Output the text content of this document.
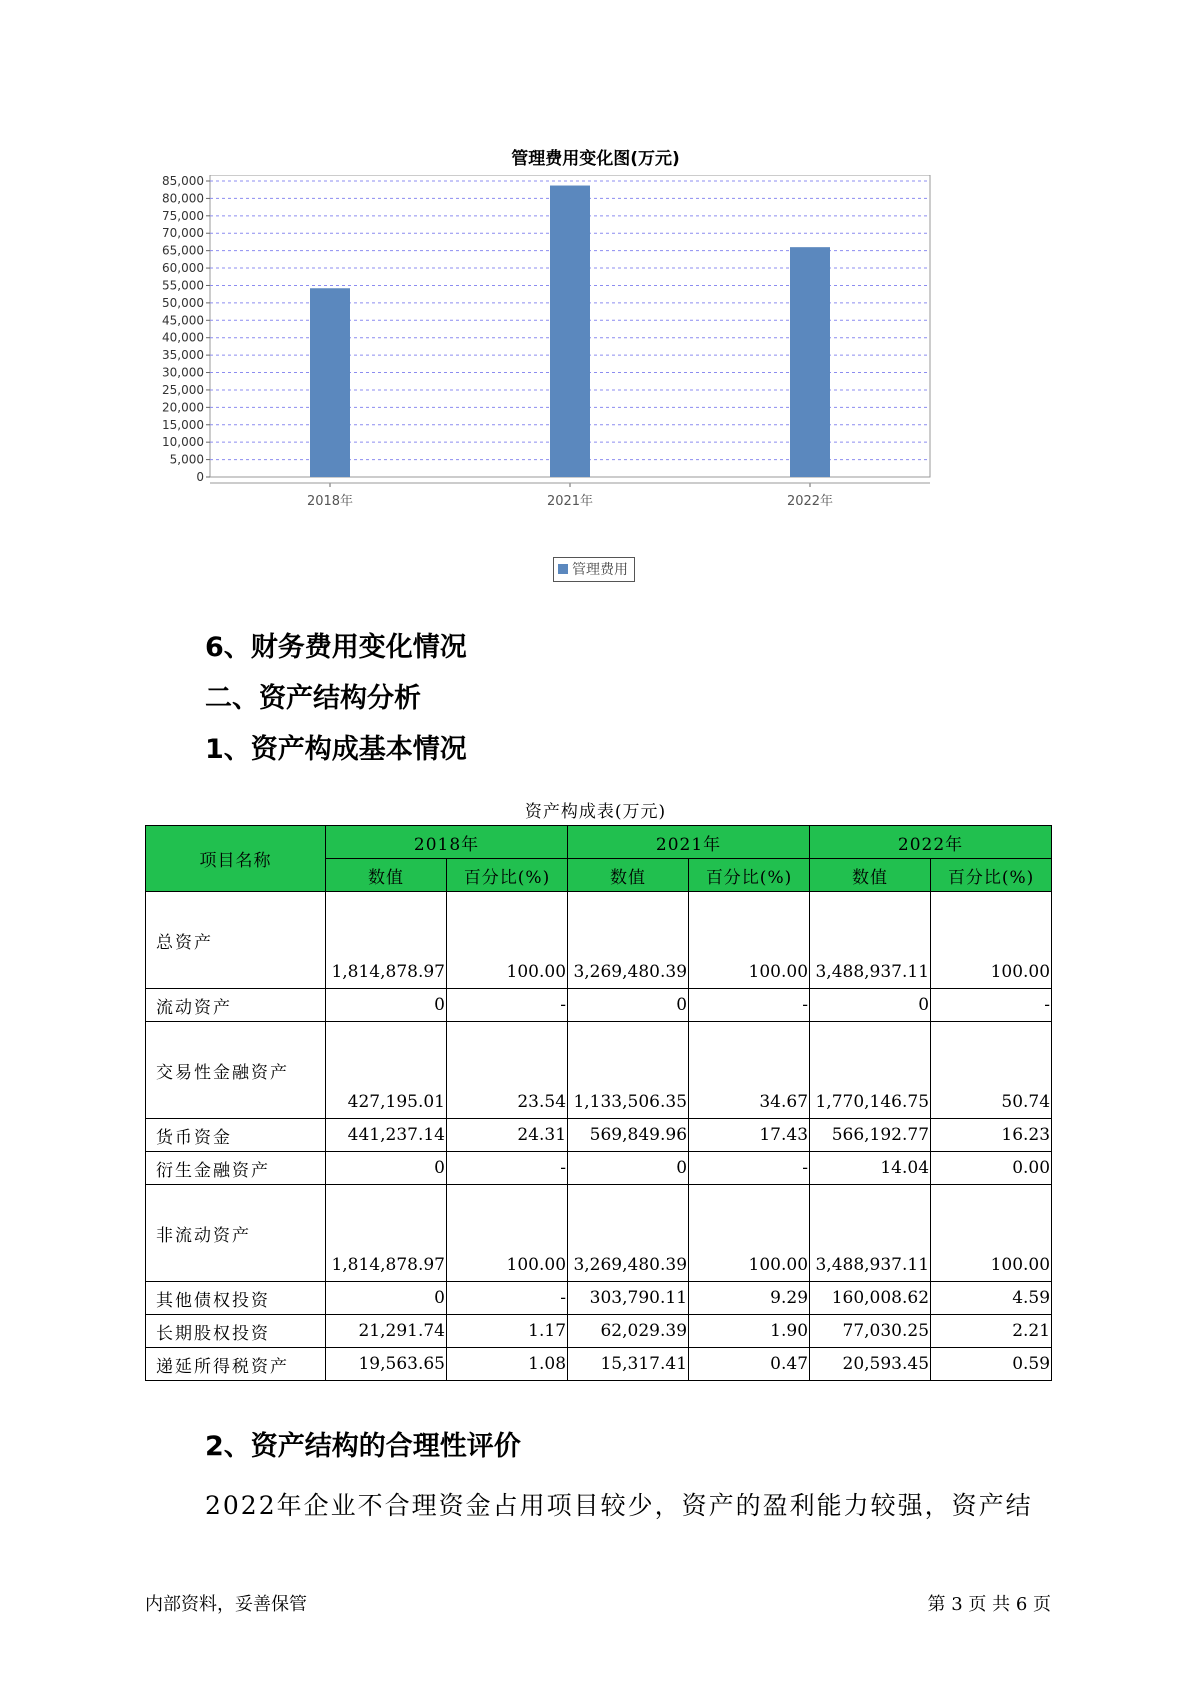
管理费用变化图(万元)
0
5,000
10,000
15,000
20,000
25,000
30,000
35,000
40,000
45,000
50,000
55,000
60,000
65,000
70,000
75,000
80,000
85,000
2018年	2021年	2022年
管理费用
6、财务费用变化情况
二、资产结构分析
1、资产构成基本情况
资产构成表(万元)
项目名称	2018年		2021年		2022年	
	数值	百分比(%)	数值	百分比(%)	数值	百分比(%)
总资产	1,814,878.97	100.00	3,269,480.39	100.00	3,488,937.11	100.00
流动资产	0	-	0	-	0	-
交易性金融资产	427,195.01	23.54	1,133,506.35	34.67	1,770,146.75	50.74
货币资金	441,237.14	24.31	569,849.96	17.43	566,192.77	16.23
衍生金融资产	0	-	0	-	14.04	0.00
非流动资产	1,814,878.97	100.00	3,269,480.39	100.00	3,488,937.11	100.00
其他债权投资	0	-	303,790.11	9.29	160,008.62	4.59
长期股权投资	21,291.74	1.17	62,029.39	1.90	77,030.25	2.21
递延所得税资产	19,563.65	1.08	15,317.41	0.47	20,593.45	0.59
2、资产结构的合理性评价
2022年企业不合理资金占用项目较少，资产的盈利能力较强，资产结
内部资料，妥善保管	第 3 页 共 6 页
